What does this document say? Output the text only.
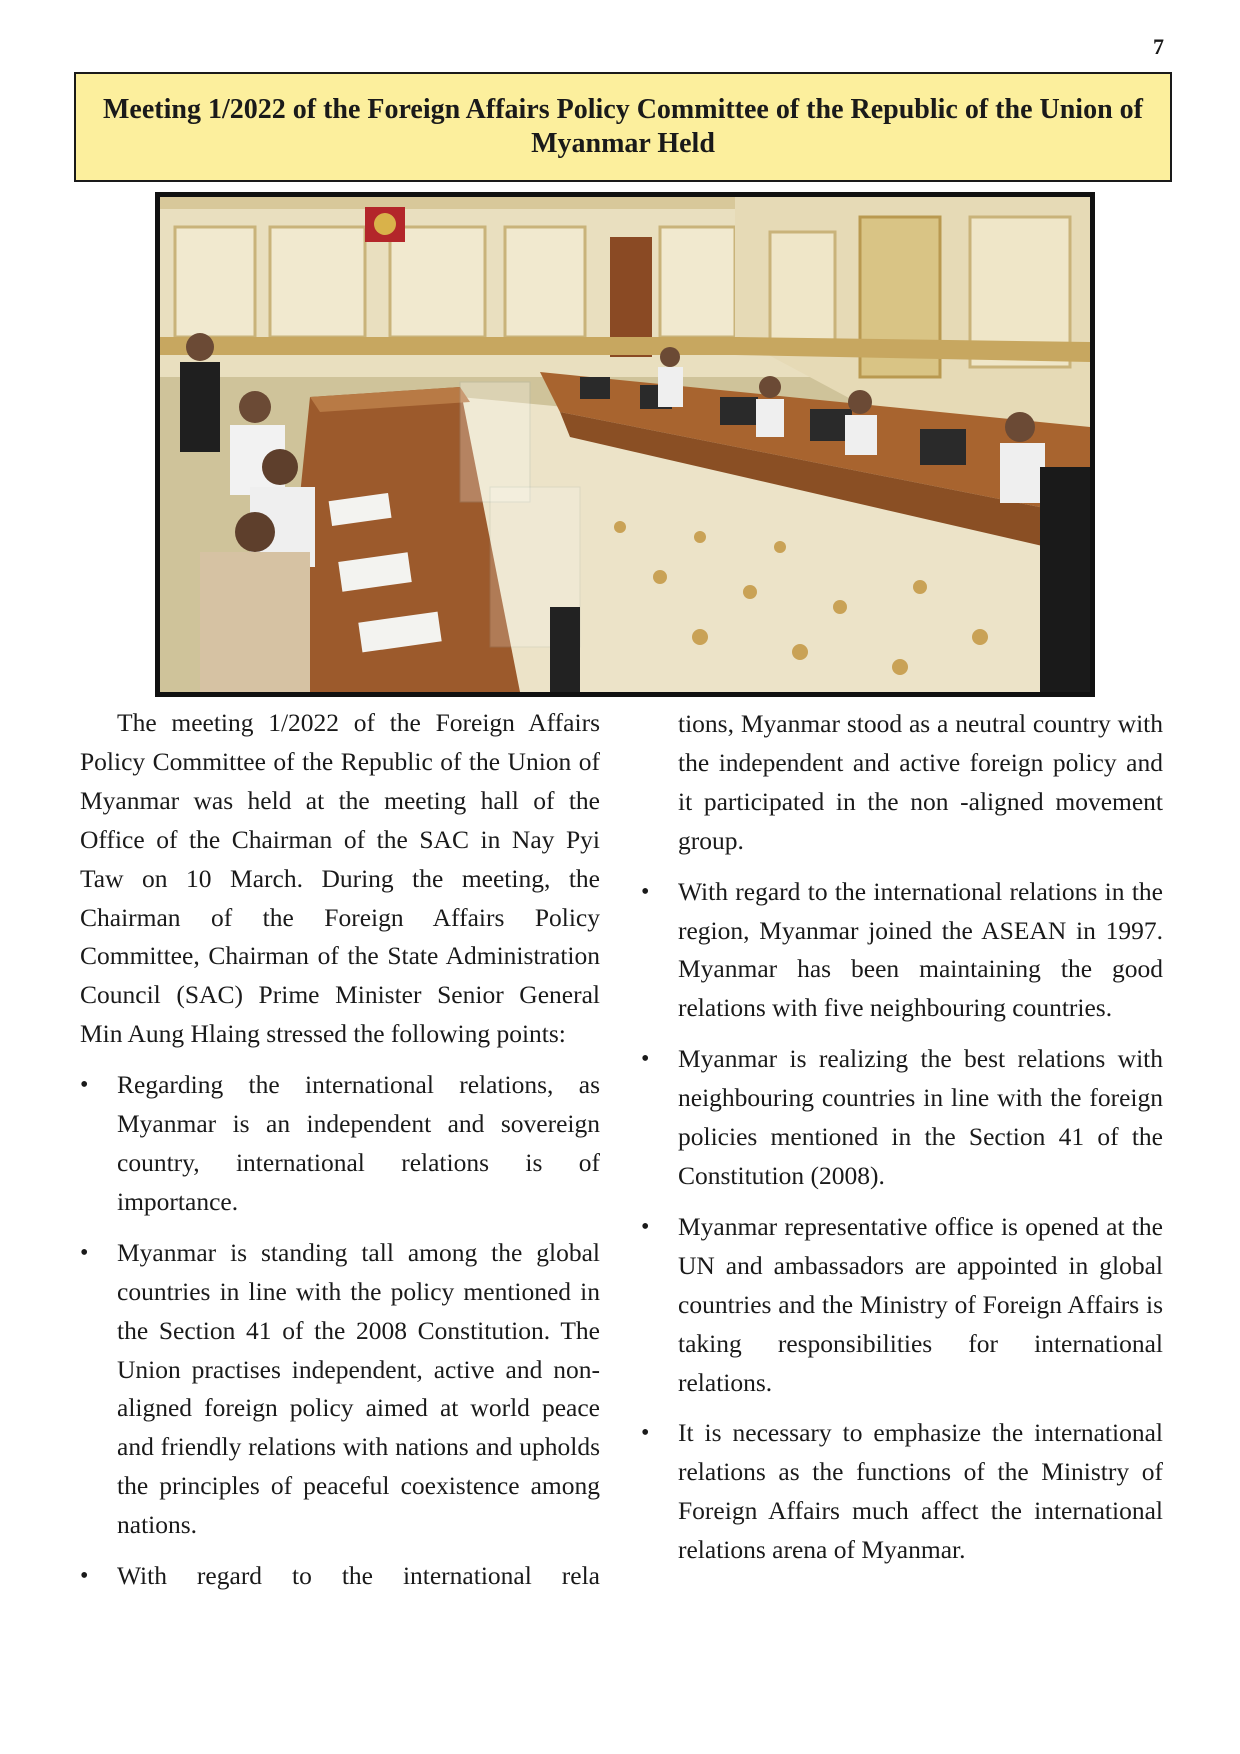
7
Meeting 1/2022 of the Foreign Affairs Policy Committee of the Republic of the Union of Myanmar Held

The meeting 1/2022 of the Foreign Affairs Policy Committee of the Republic of the Union of Myanmar was held at the meeting hall of the Office of the Chairman of the SAC in Nay Pyi Taw on 10 March. During the meeting, the Chairman of the Foreign Affairs Policy Committee, Chairman of the State Administration Council (SAC) Prime Minister Senior General Min Aung Hlaing stressed the following points:

• Regarding the international relations, as Myanmar is an independent and sovereign country, international relations is of importance.
• Myanmar is standing tall among the global countries in line with the policy mentioned in the Section 41 of the 2008 Constitution. The Union practises independent, active and non-aligned foreign policy aimed at world peace and friendly relations with nations and upholds the principles of peaceful coexistence among nations.
• With regard to the international rela

tions, Myanmar stood as a neutral country with the independent and active foreign policy and it participated in the non -aligned movement group.

• With regard to the international relations in the region, Myanmar joined the ASEAN in 1997. Myanmar has been maintaining the good relations with five neighbouring countries.
• Myanmar is realizing the best relations with neighbouring countries in line with the foreign policies mentioned in the Section 41 of the Constitution (2008).
• Myanmar representative office is opened at the UN and ambassadors are appointed in global countries and the Ministry of Foreign Affairs is taking responsibilities for international relations.
• It is necessary to emphasize the international relations as the functions of the Ministry of Foreign Affairs much affect the international relations arena of Myanmar.
